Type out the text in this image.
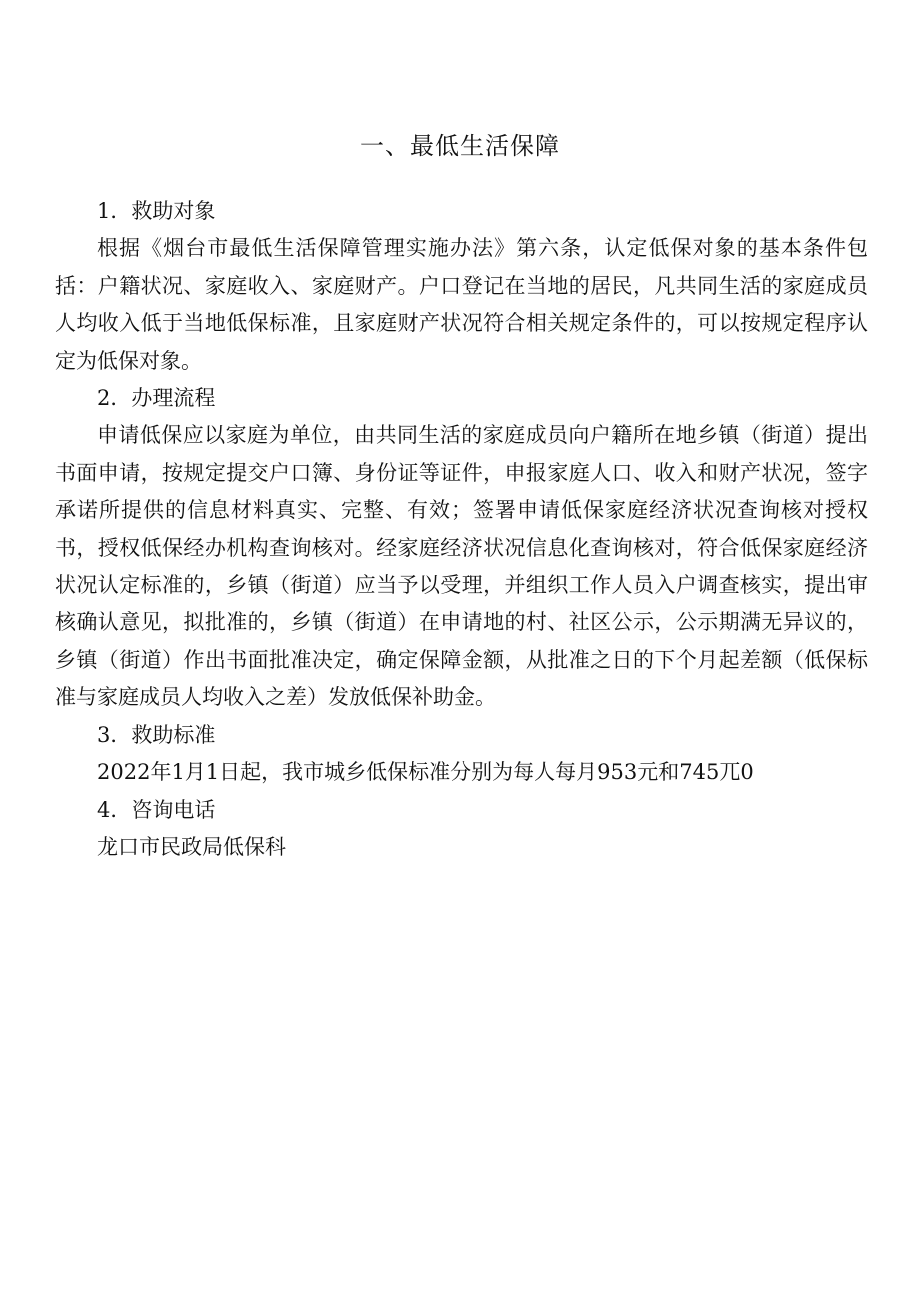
一、最低生活保障

1．救助对象

根据《烟台市最低生活保障管理实施办法》第六条，认定低保对象的基本条件包括：户籍状况、家庭收入、家庭财产。户口登记在当地的居民，凡共同生活的家庭成员人均收入低于当地低保标准，且家庭财产状况符合相关规定条件的，可以按规定程序认定为低保对象。

2．办理流程

申请低保应以家庭为单位，由共同生活的家庭成员向户籍所在地乡镇（街道）提出书面申请，按规定提交户口簿、身份证等证件，申报家庭人口、收入和财产状况，签字承诺所提供的信息材料真实、完整、有效；签署申请低保家庭经济状况查询核对授权书，授权低保经办机构查询核对。经家庭经济状况信息化查询核对，符合低保家庭经济状况认定标准的，乡镇（街道）应当予以受理，并组织工作人员入户调查核实，提出审核确认意见，拟批准的，乡镇（街道）在申请地的村、社区公示，公示期满无异议的，乡镇（街道）作出书面批准决定，确定保障金额，从批准之日的下个月起差额（低保标准与家庭成员人均收入之差）发放低保补助金。

3．救助标准

2022年1月1日起，我市城乡低保标准分别为每人每月953元和745兀0

4．咨询电话

龙口市民政局低保科
